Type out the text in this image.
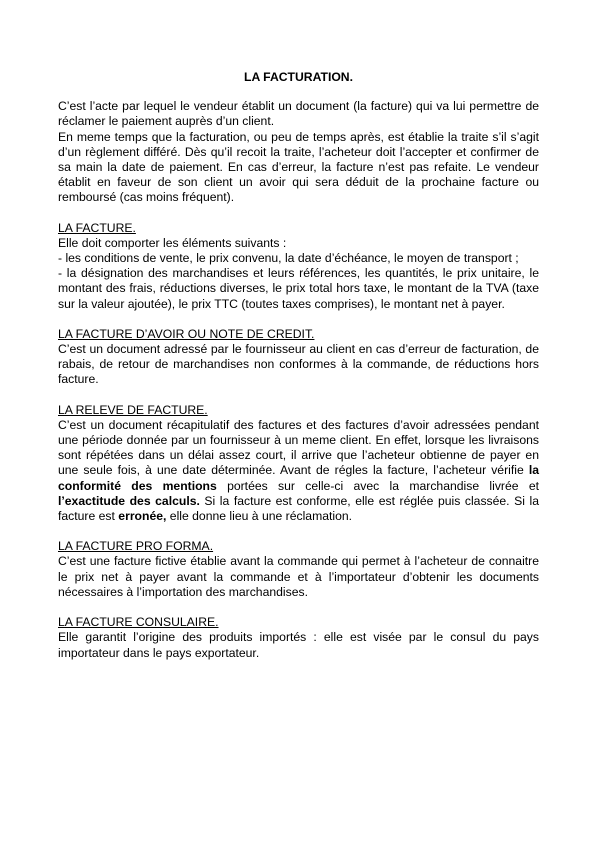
LA FACTURATION.

C’est l’acte par lequel le vendeur établit un document (la facture) qui va lui permettre de réclamer le paiement auprès d’un client.

En meme temps que la facturation, ou peu de temps après, est établie la traite s’il s’agit d’un règlement différé. Dès qu’il recoit la traite, l’acheteur doit l’accepter et confirmer de sa main la date de paiement. En cas d’erreur, la facture n’est pas refaite. Le vendeur établit en faveur de son client un avoir qui sera déduit de la prochaine facture ou remboursé (cas moins fréquent).

LA FACTURE.

Elle doit comporter les éléments suivants :

- les conditions de vente, le prix convenu, la date d’échéance, le moyen de transport ;

- la désignation des marchandises et leurs références, les quantités, le prix unitaire, le montant des frais, réductions diverses, le prix total hors taxe, le montant de la TVA (taxe sur la valeur ajoutée), le prix TTC (toutes taxes comprises), le montant net à payer.

LA FACTURE D’AVOIR OU NOTE DE CREDIT.

C’est un document adressé par le fournisseur au client en cas d’erreur de facturation, de rabais, de retour de marchandises non conformes à la commande, de réductions hors facture.

LA RELEVE DE FACTURE.

C’est un document récapitulatif des factures et des factures d’avoir adressées pendant une période donnée par un fournisseur à un meme client. En effet, lorsque les livraisons sont répétées dans un délai assez court, il arrive que l’acheteur obtienne de payer en une seule fois, à une date déterminée. Avant de régles la facture, l’acheteur vérifie la conformité des mentions portées sur celle-ci avec la marchandise livrée et l’exactitude des calculs. Si la facture est conforme, elle est réglée puis classée. Si la facture est erronée, elle donne lieu à une réclamation.

LA FACTURE PRO FORMA.

C’est une facture fictive établie avant la commande qui permet à l’acheteur de connaitre le prix net à payer avant la commande et à l’importateur d’obtenir les documents nécessaires à l’importation des marchandises.

LA FACTURE CONSULAIRE.

Elle garantit l’origine des produits importés : elle est visée par le consul du pays importateur dans le pays exportateur.
